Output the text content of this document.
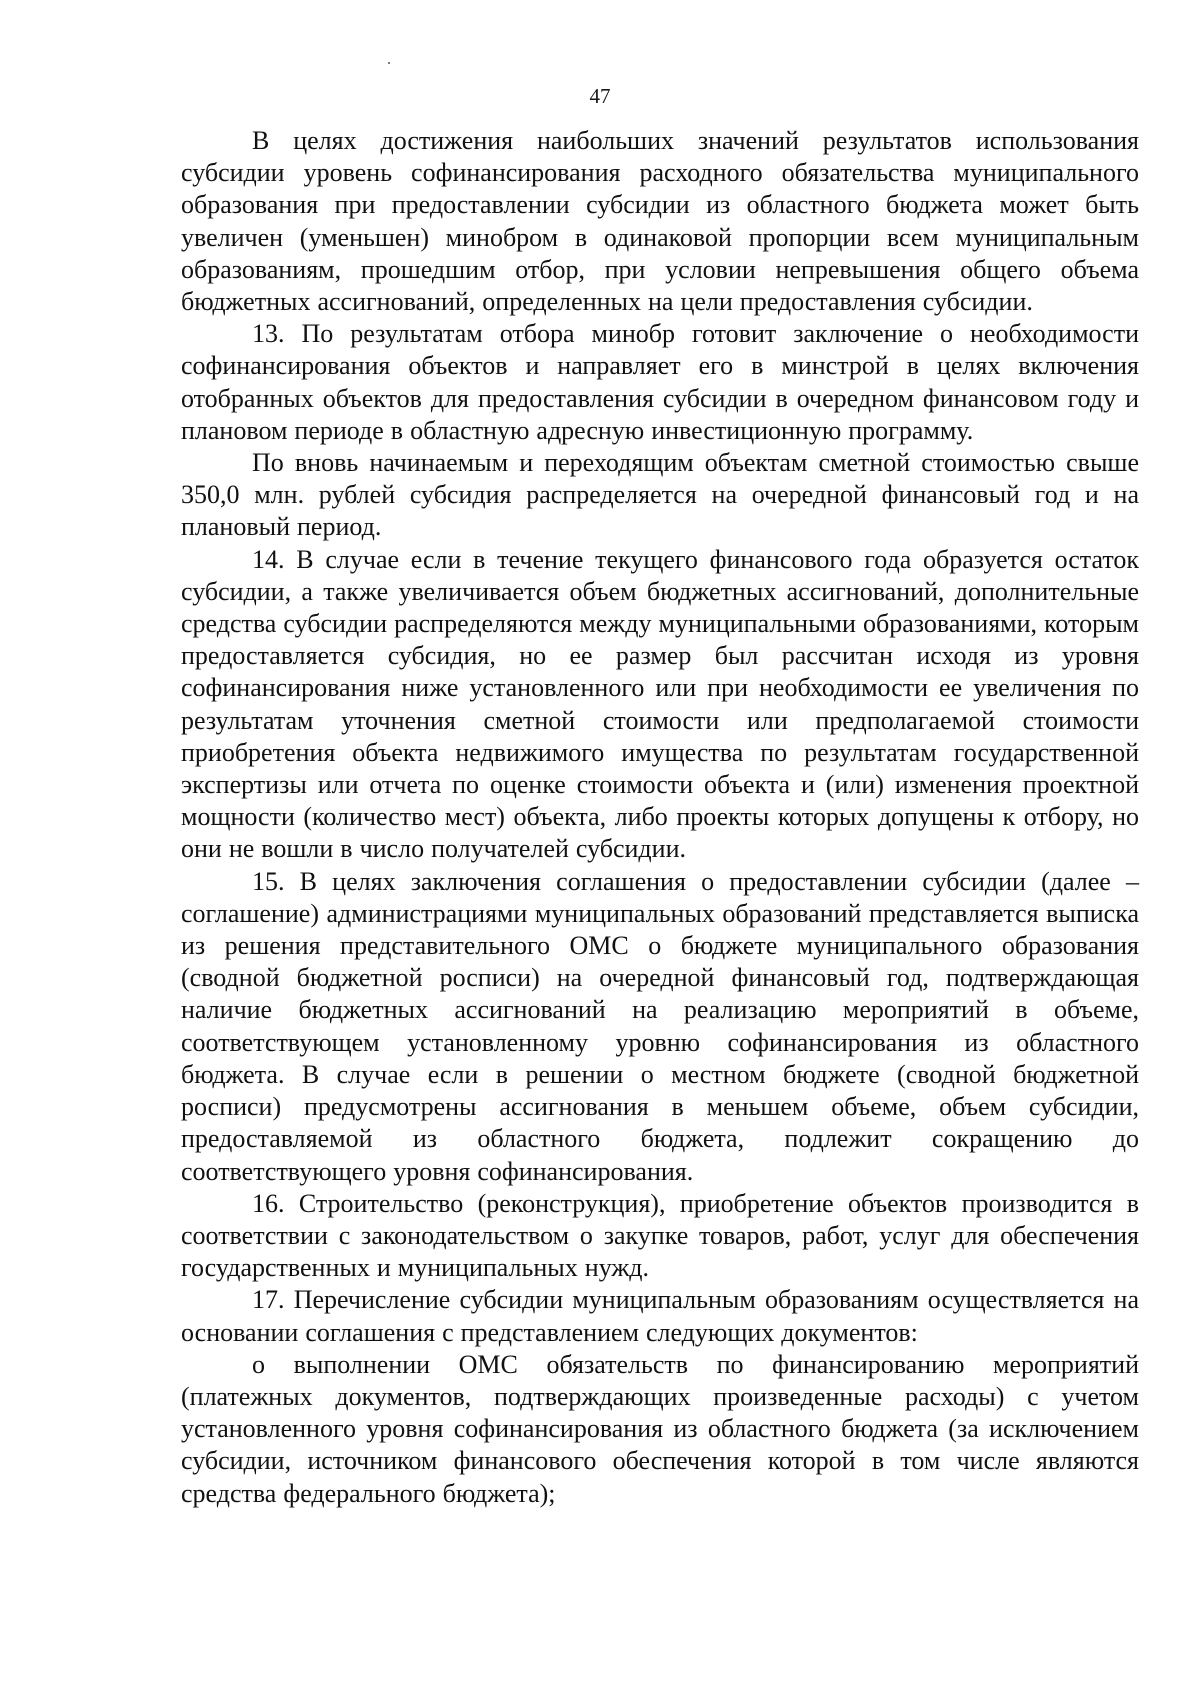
47

В целях достижения наибольших значений результатов использования субсидии уровень софинансирования расходного обязательства муниципального образования при предоставлении субсидии из областного бюджета может быть увеличен (уменьшен) минобром в одинаковой пропорции всем муниципальным образованиям, прошедшим отбор, при условии непревышения общего объема бюджетных ассигнований, определенных на цели предоставления субсидии.

13. По результатам отбора минобр готовит заключение о необходимости софинансирования объектов и направляет его в минстрой в целях включения отобранных объектов для предоставления субсидии в очередном финансовом году и плановом периоде в областную адресную инвестиционную программу.

По вновь начинаемым и переходящим объектам сметной стоимостью свыше 350,0 млн. рублей субсидия распределяется на очередной финансовый год и на плановый период.

14. В случае если в течение текущего финансового года образуется остаток субсидии, а также увеличивается объем бюджетных ассигнований, дополнительные средства субсидии распределяются между муниципальными образованиями, которым предоставляется субсидия, но ее размер был рассчитан исходя из уровня софинансирования ниже установленного или при необходимости ее увеличения по результатам уточнения сметной стоимости или предполагаемой стоимости приобретения объекта недвижимого имущества по результатам государственной экспертизы или отчета по оценке стоимости объекта и (или) изменения проектной мощности (количество мест) объекта, либо проекты которых допущены к отбору, но они не вошли в число получателей субсидии.

15. В целях заключения соглашения о предоставлении субсидии (далее – соглашение) администрациями муниципальных образований представляется выписка из решения представительного ОМС о бюджете муниципального образования (сводной бюджетной росписи) на очередной финансовый год, подтверждающая наличие бюджетных ассигнований на реализацию мероприятий в объеме, соответствующем установленному уровню софинансирования из областного бюджета. В случае если в решении о местном бюджете (сводной бюджетной росписи) предусмотрены ассигнования в меньшем объеме, объем субсидии, предоставляемой из областного бюджета, подлежит сокращению до соответствующего уровня софинансирования.

16. Строительство (реконструкция), приобретение объектов производится в соответствии с законодательством о закупке товаров, работ, услуг для обеспечения государственных и муниципальных нужд.

17. Перечисление субсидии муниципальным образованиям осуществляется на основании соглашения с представлением следующих документов:

о выполнении ОМС обязательств по финансированию мероприятий (платежных документов, подтверждающих произведенные расходы) с учетом установленного уровня софинансирования из областного бюджета (за исключением субсидии, источником финансового обеспечения которой в том числе являются средства федерального бюджета);
